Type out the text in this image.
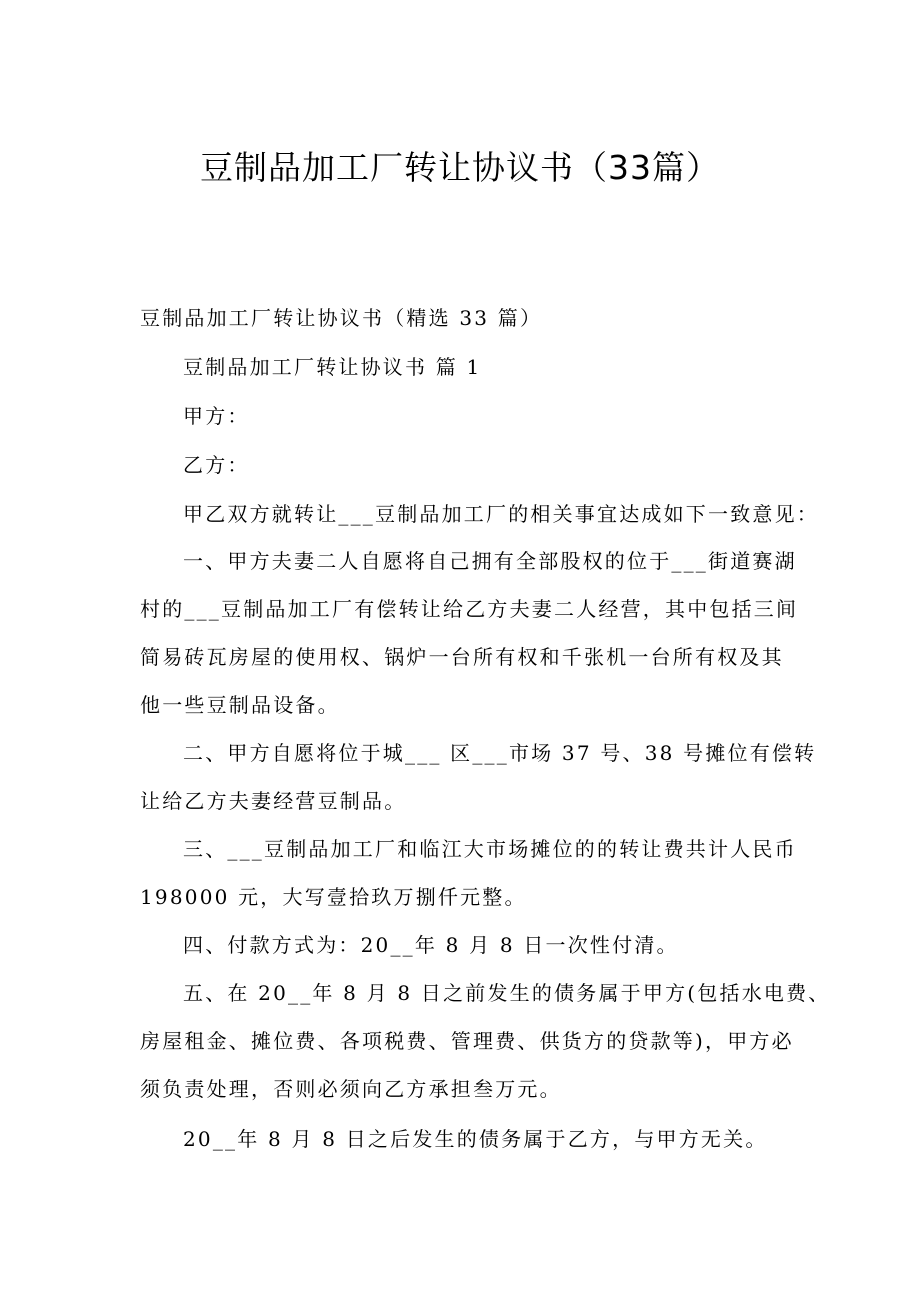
豆制品加工厂转让协议书（33篇）
豆制品加工厂转让协议书（精选 33 篇）
豆制品加工厂转让协议书 篇 1
甲方：
乙方：
甲乙双方就转让___豆制品加工厂的相关事宜达成如下一致意见：
一、甲方夫妻二人自愿将自己拥有全部股权的位于___街道赛湖
村的___豆制品加工厂有偿转让给乙方夫妻二人经营，其中包括三间
简易砖瓦房屋的使用权、锅炉一台所有权和千张机一台所有权及其
他一些豆制品设备。
二、甲方自愿将位于城___ 区___市场 37 号、38 号摊位有偿转
让给乙方夫妻经营豆制品。
三、___豆制品加工厂和临江大市场摊位的的转让费共计人民币
198000 元，大写壹拾玖万捌仟元整。
四、付款方式为：20__年 8 月 8 日一次性付清。
五、在 20__年 8 月 8 日之前发生的债务属于甲方(包括水电费、
房屋租金、摊位费、各项税费、管理费、供货方的贷款等)，甲方必
须负责处理，否则必须向乙方承担叁万元。
20__年 8 月 8 日之后发生的债务属于乙方，与甲方无关。
